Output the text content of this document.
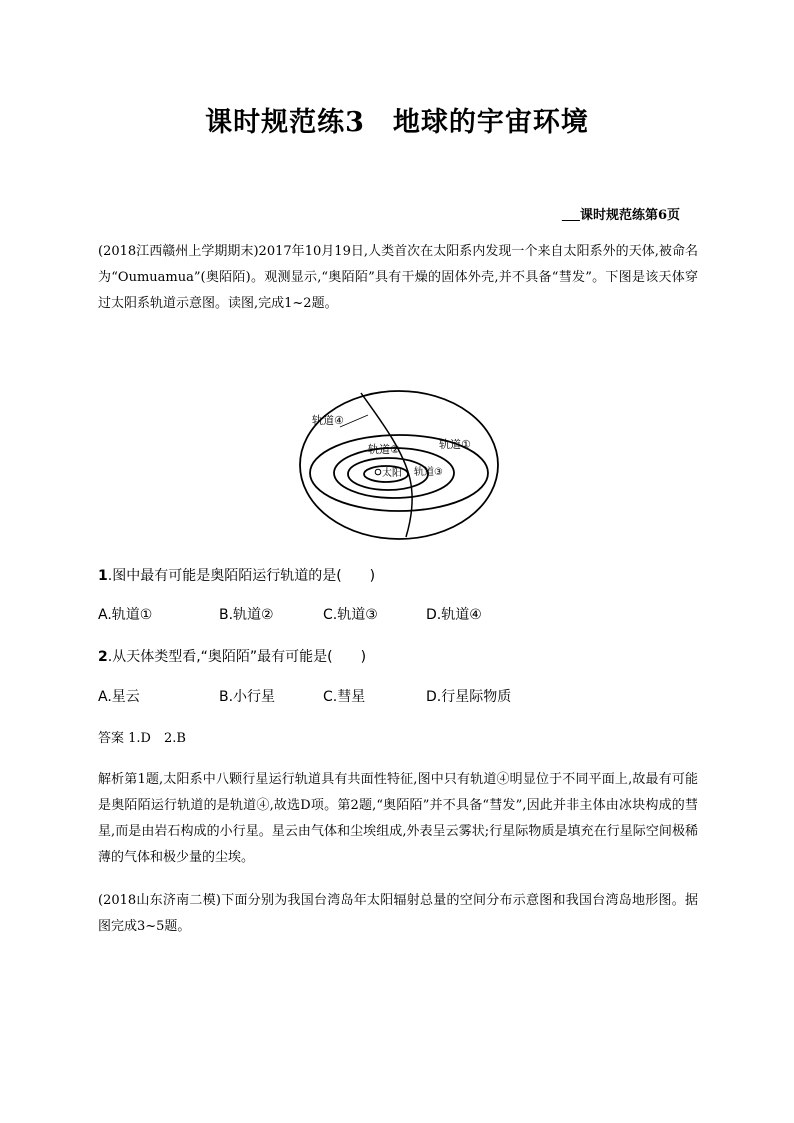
课时规范练3　地球的宇宙环境
课时规范练第6页
(2018江西赣州上学期期末)2017年10月19日,人类首次在太阳系内发现一个来自太阳系外的天体,被命名为“Oumuamua”(奥陌陌)。观测显示,“奥陌陌”具有干燥的固体外壳,并不具备“彗发”。下图是该天体穿过太阳系轨道示意图。读图,完成1~2题。
轨道④
轨道②	轨道①
太阳 轨道③
1.图中最有可能是奥陌陌运行轨道的是(　　)
A.轨道①	B.轨道②	C.轨道③	D.轨道④
2.从天体类型看,“奥陌陌”最有可能是(　　)
A.星云	B.小行星	C.彗星	D.行星际物质
答案 1.D　2.B
解析第1题,太阳系中八颗行星运行轨道具有共面性特征,图中只有轨道④明显位于不同平面上,故最有可能是奥陌陌运行轨道的是轨道④,故选D项。第2题,“奥陌陌”并不具备“彗发”,因此并非主体由冰块构成的彗星,而是由岩石构成的小行星。星云由气体和尘埃组成,外表呈云雾状;行星际物质是填充在行星际空间极稀薄的气体和极少量的尘埃。
(2018山东济南二模)下面分别为我国台湾岛年太阳辐射总量的空间分布示意图和我国台湾岛地形图。据图完成3~5题。
